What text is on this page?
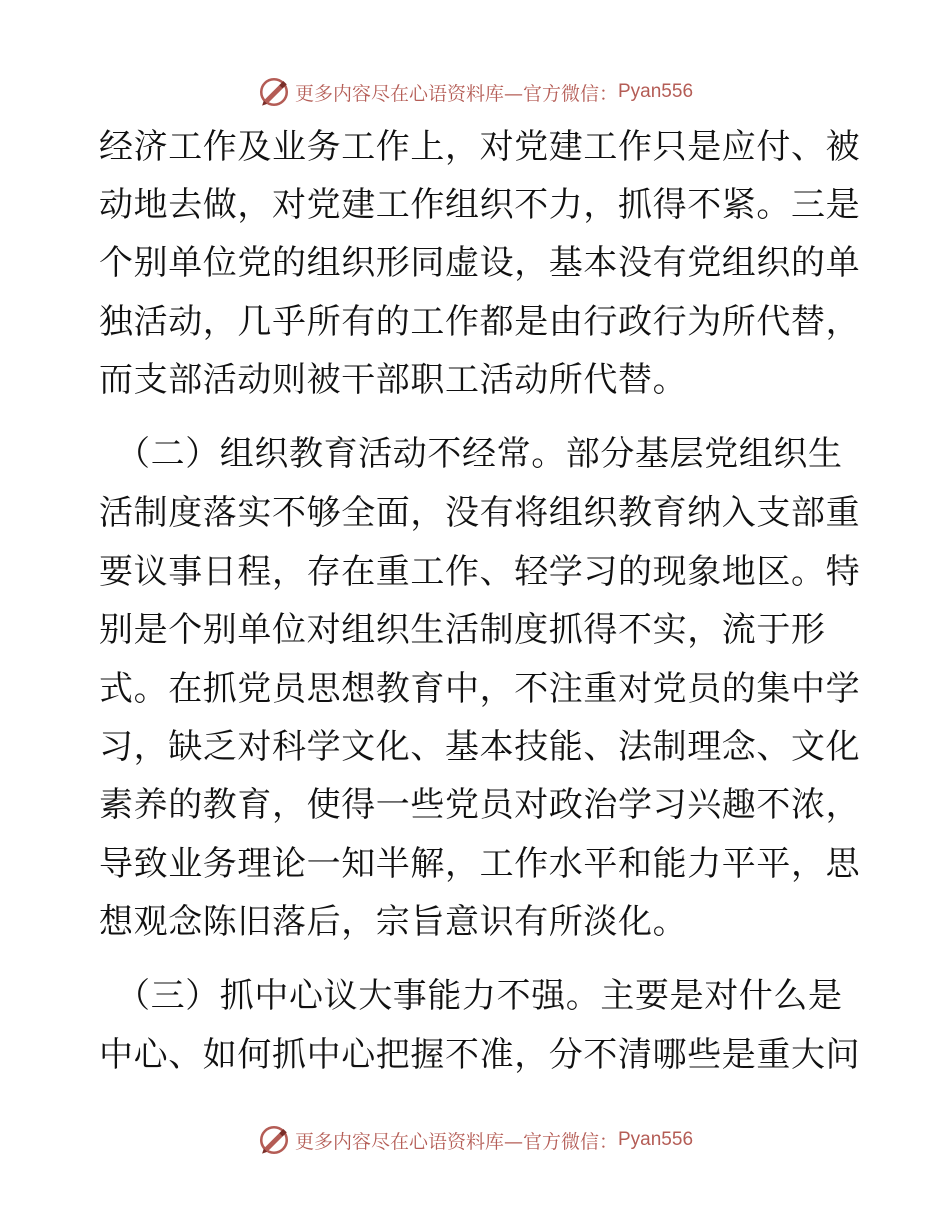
更多内容尽在心语资料库—官方微信： Pyan556
经济工作及业务工作上，对党建工作只是应付、被
动地去做，对党建工作组织不力，抓得不紧。三是
个别单位党的组织形同虚设，基本没有党组织的单
独活动，几乎所有的工作都是由行政行为所代替，
而支部活动则被干部职工活动所代替。
（二）组织教育活动不经常。部分基层党组织生
活制度落实不够全面，没有将组织教育纳入支部重
要议事日程，存在重工作、轻学习的现象地区。特
别是个别单位对组织生活制度抓得不实，流于形
式。在抓党员思想教育中，不注重对党员的集中学
习，缺乏对科学文化、基本技能、法制理念、文化
素养的教育，使得一些党员对政治学习兴趣不浓，
导致业务理论一知半解，工作水平和能力平平，思
想观念陈旧落后，宗旨意识有所淡化。
（三）抓中心议大事能力不强。主要是对什么是
中心、如何抓中心把握不准，分不清哪些是重大问
更多内容尽在心语资料库—官方微信： Pyan556
